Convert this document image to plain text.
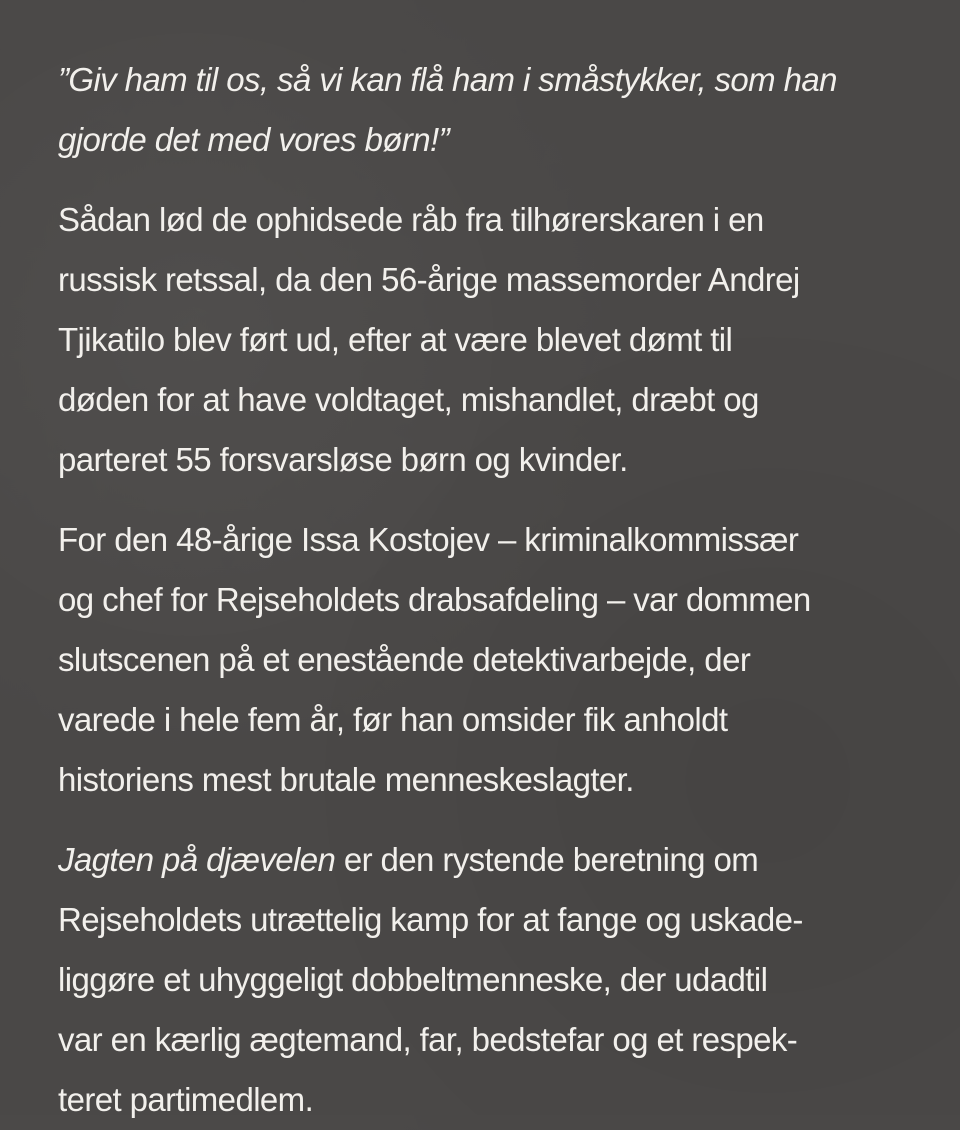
”Giv ham til os, så vi kan flå ham i småstykker, som han
gjorde det med vores børn!”

Sådan lød de ophidsede råb fra tilhørerskaren i en
russisk retssal, da den 56-årige massemorder Andrej
Tjikatilo blev ført ud, efter at være blevet dømt til
døden for at have voldtaget, mishandlet, dræbt og
parteret 55 forsvarsløse børn og kvinder.

For den 48-årige Issa Kostojev – kriminalkommissær
og chef for Rejseholdets drabsafdeling – var dommen
slutscenen på et enestående detektivarbejde, der
varede i hele fem år, før han omsider fik anholdt
historiens mest brutale menneskeslagter.

Jagten på djævelen er den rystende beretning om
Rejseholdets utrættelig kamp for at fange og uskade-
liggøre et uhyggeligt dobbeltmenneske, der udadtil
var en kærlig ægtemand, far, bedstefar og et respek-
teret partimedlem.
